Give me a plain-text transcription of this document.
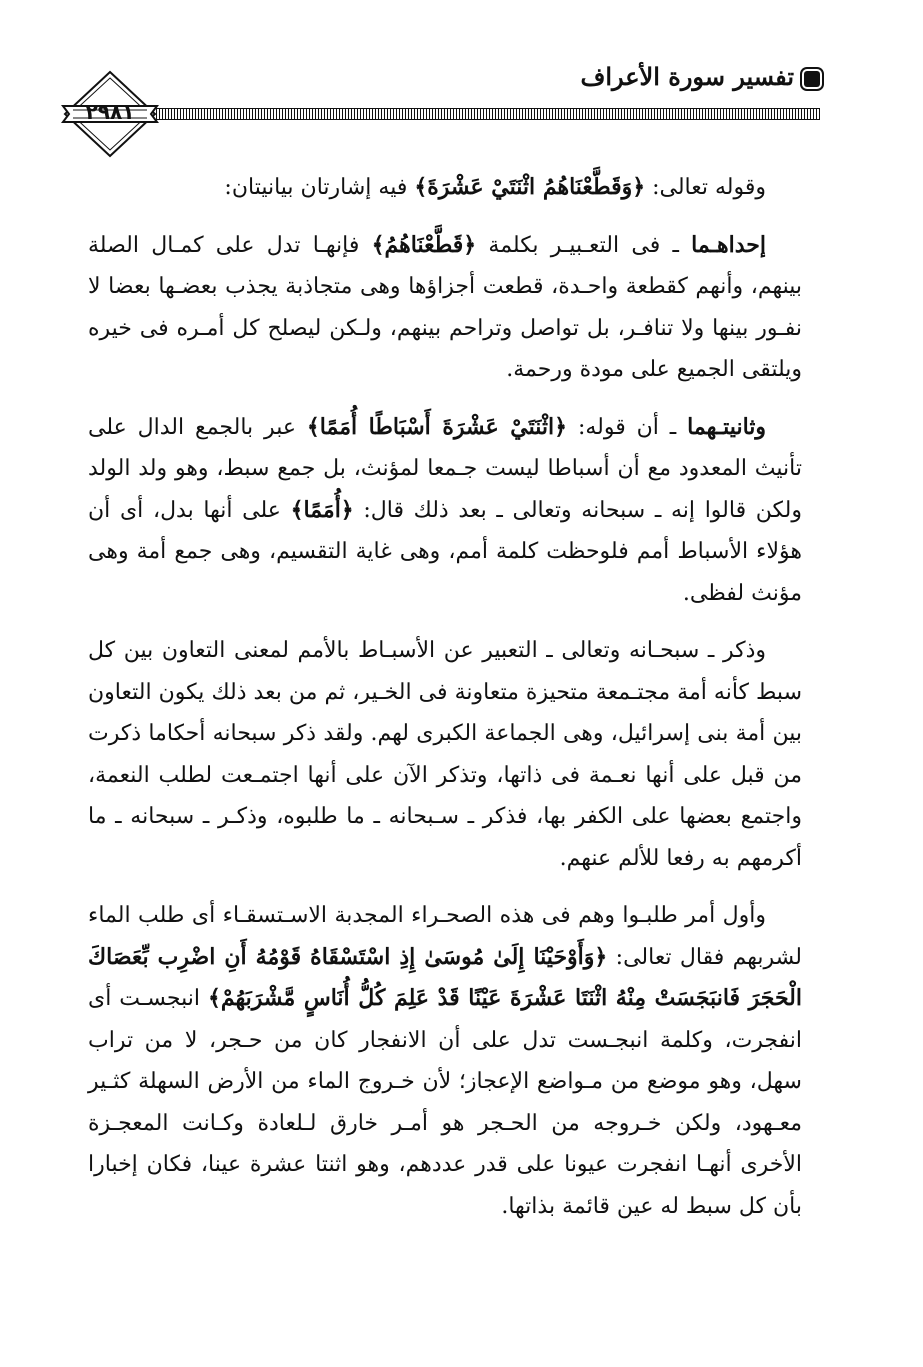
تفسير سورة الأعراف
٢٩٨١

وقوله تعالى: ﴿وَقَطَّعْنَاهُمُ اثْنَتَيْ عَشْرَةَ﴾ فيه إشارتان بيانيتان:

إحداهـما ـ فى التعـبيـر بكلمة ﴿قَطَّعْنَاهُمُ﴾ فإنهـا تدل على كمـال الصلة بينهم، وأنهم كقطعة واحـدة، قطعت أجزاؤها وهى متجاذبة يجذب بعضـها بعضا لا نفـور بينها ولا تنافـر، بل تواصل وتراحم بينهم، ولـكن ليصلح كل أمـره فى خيره ويلتقى الجميع على مودة ورحمة.

وثانيتـهما ـ أن قوله: ﴿اثْنَتَيْ عَشْرَةَ أَسْبَاطًا أُمَمًا﴾ عبر بالجمع الدال على تأنيث المعدود مع أن أسباطا ليست جـمعا لمؤنث، بل جمع سبط، وهو ولد الولد ولكن قالوا إنه ـ سبحانه وتعالى ـ بعد ذلك قال: ﴿أُمَمًا﴾ على أنها بدل، أى أن هؤلاء الأسباط أمم فلوحظت كلمة أمم، وهى غاية التقسيم، وهى جمع أمة وهى مؤنث لفظى.

وذكر ـ سبحـانه وتعالى ـ التعبير عن الأسبـاط بالأمم لمعنى التعاون بين كل سبط كأنه أمة مجتـمعة متحيزة متعاونة فى الخـير، ثم من بعد ذلك يكون التعاون بين أمة بنى إسرائيل، وهى الجماعة الكبرى لهم. ولقد ذكر سبحانه أحكاما ذكرت من قبل على أنها نعـمة فى ذاتها، وتذكر الآن على أنها اجتمـعت لطلب النعمة، واجتمع بعضها على الكفر بها، فذكر ـ سـبحانه ـ ما طلبوه، وذكـر ـ سبحانه ـ ما أكرمهم به رفعا للألم عنهم.

وأول أمر طلبـوا وهم فى هذه الصحـراء المجدبة الاسـتسقـاء أى طلب الماء لشربهم فقال تعالى: ﴿وَأَوْحَيْنَا إِلَىٰ مُوسَىٰ إِذِ اسْتَسْقَاهُ قَوْمُهُ أَنِ اضْرِب بِّعَصَاكَ الْحَجَرَ فَانبَجَسَتْ مِنْهُ اثْنَتَا عَشْرَةَ عَيْنًا قَدْ عَلِمَ كُلُّ أُنَاسٍ مَّشْرَبَهُمْ﴾ انبجسـت أى انفجرت، وكلمة انبجـست تدل على أن الانفجار كان من حـجر، لا من تراب سهل، وهو موضع من مـواضع الإعجاز؛ لأن خـروج الماء من الأرض السهلة كثـير معـهود، ولكن خـروجه من الحـجر هو أمـر خارق لـلعادة وكـانت المعجـزة الأخرى أنهـا انفجرت عيونا على قدر عددهم، وهو اثنتا عشرة عينا، فكان إخبارا بأن كل سبط له عين قائمة بذاتها.
